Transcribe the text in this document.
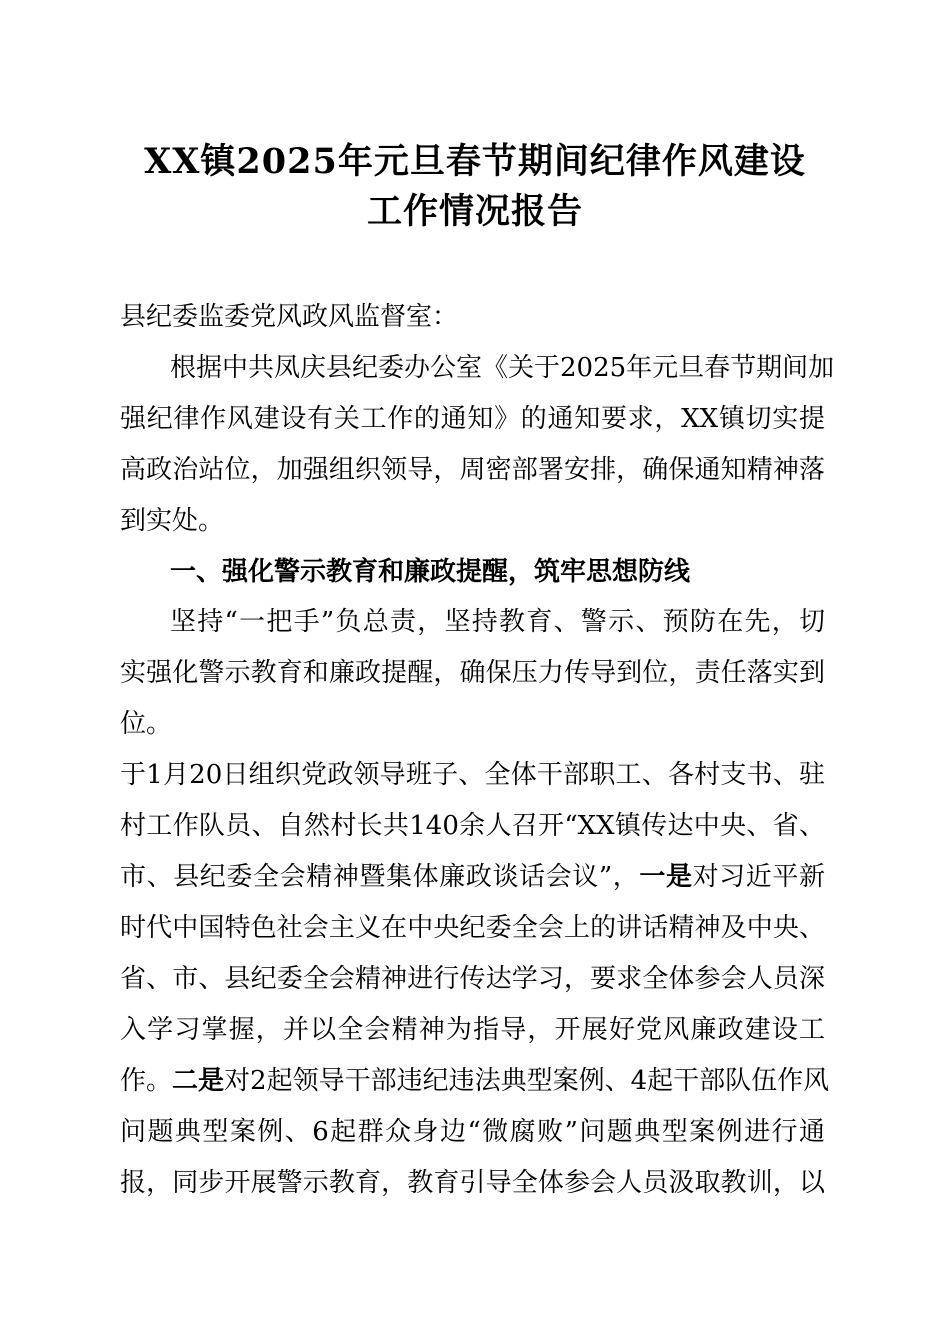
XX镇2025年元旦春节期间纪律作风建设
工作情况报告
县纪委监委党风政风监督室：
根据中共凤庆县纪委办公室《关于2025年元旦春节期间加
强纪律作风建设有关工作的通知》的通知要求，XX镇切实提
高政治站位，加强组织领导，周密部署安排，确保通知精神落
到实处。
一、强化警示教育和廉政提醒，筑牢思想防线
坚持“一把手”负总责，坚持教育、警示、预防在先，切
实强化警示教育和廉政提醒，确保压力传导到位，责任落实到
位。
于1月20日组织党政领导班子、全体干部职工、各村支书、驻
村工作队员、自然村长共140余人召开“XX镇传达中央、省、
市、县纪委全会精神暨集体廉政谈话会议”，一是对习近平新
时代中国特色社会主义在中央纪委全会上的讲话精神及中央、
省、市、县纪委全会精神进行传达学习，要求全体参会人员深
入学习掌握，并以全会精神为指导，开展好党风廉政建设工
作。二是对2起领导干部违纪违法典型案例、4起干部队伍作风
问题典型案例、6起群众身边“微腐败”问题典型案例进行通
报，同步开展警示教育，教育引导全体参会人员汲取教训，以
